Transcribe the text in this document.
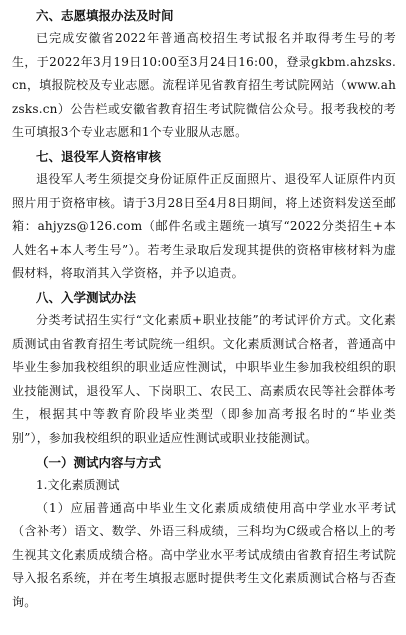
六、志愿填报办法及时间

已完成安徽省2022年普通高校招生考试报名并取得考生号的考生，于2022年3月19日10:00至3月24日16:00，登录gkbm.ahzsks.cn，填报院校及专业志愿。流程详见省教育招生考试院网站（www.ahzsks.cn）公告栏或安徽省教育招生考试院微信公众号。报考我校的考生可填报3个专业志愿和1个专业服从志愿。

七、退役军人资格审核

退役军人考生须提交身份证原件正反面照片、退役军人证原件内页照片用于资格审核。请于3月28日至4月8日期间，将上述资料发送至邮箱：ahjyzs@126.com（邮件名或主题统一填写“2022分类招生+本人姓名+本人考生号”）。若考生录取后发现其提供的资格审核材料为虚假材料，将取消其入学资格，并予以追责。

八、入学测试办法

分类考试招生实行“文化素质+职业技能”的考试评价方式。文化素质测试由省教育招生考试院统一组织。文化素质测试合格者，普通高中毕业生参加我校组织的职业适应性测试，中职毕业生参加我校组织的职业技能测试，退役军人、下岗职工、农民工、高素质农民等社会群体考生，根据其中等教育阶段毕业类型（即参加高考报名时的“毕业类别”），参加我校组织的职业适应性测试或职业技能测试。

（一）测试内容与方式

1.文化素质测试

（1）应届普通高中毕业生文化素质成绩使用高中学业水平考试（含补考）语文、数学、外语三科成绩，三科均为C级或合格以上的考生视其文化素质成绩合格。高中学业水平考试成绩由省教育招生考试院导入报名系统，并在考生填报志愿时提供考生文化素质测试合格与否查询。
